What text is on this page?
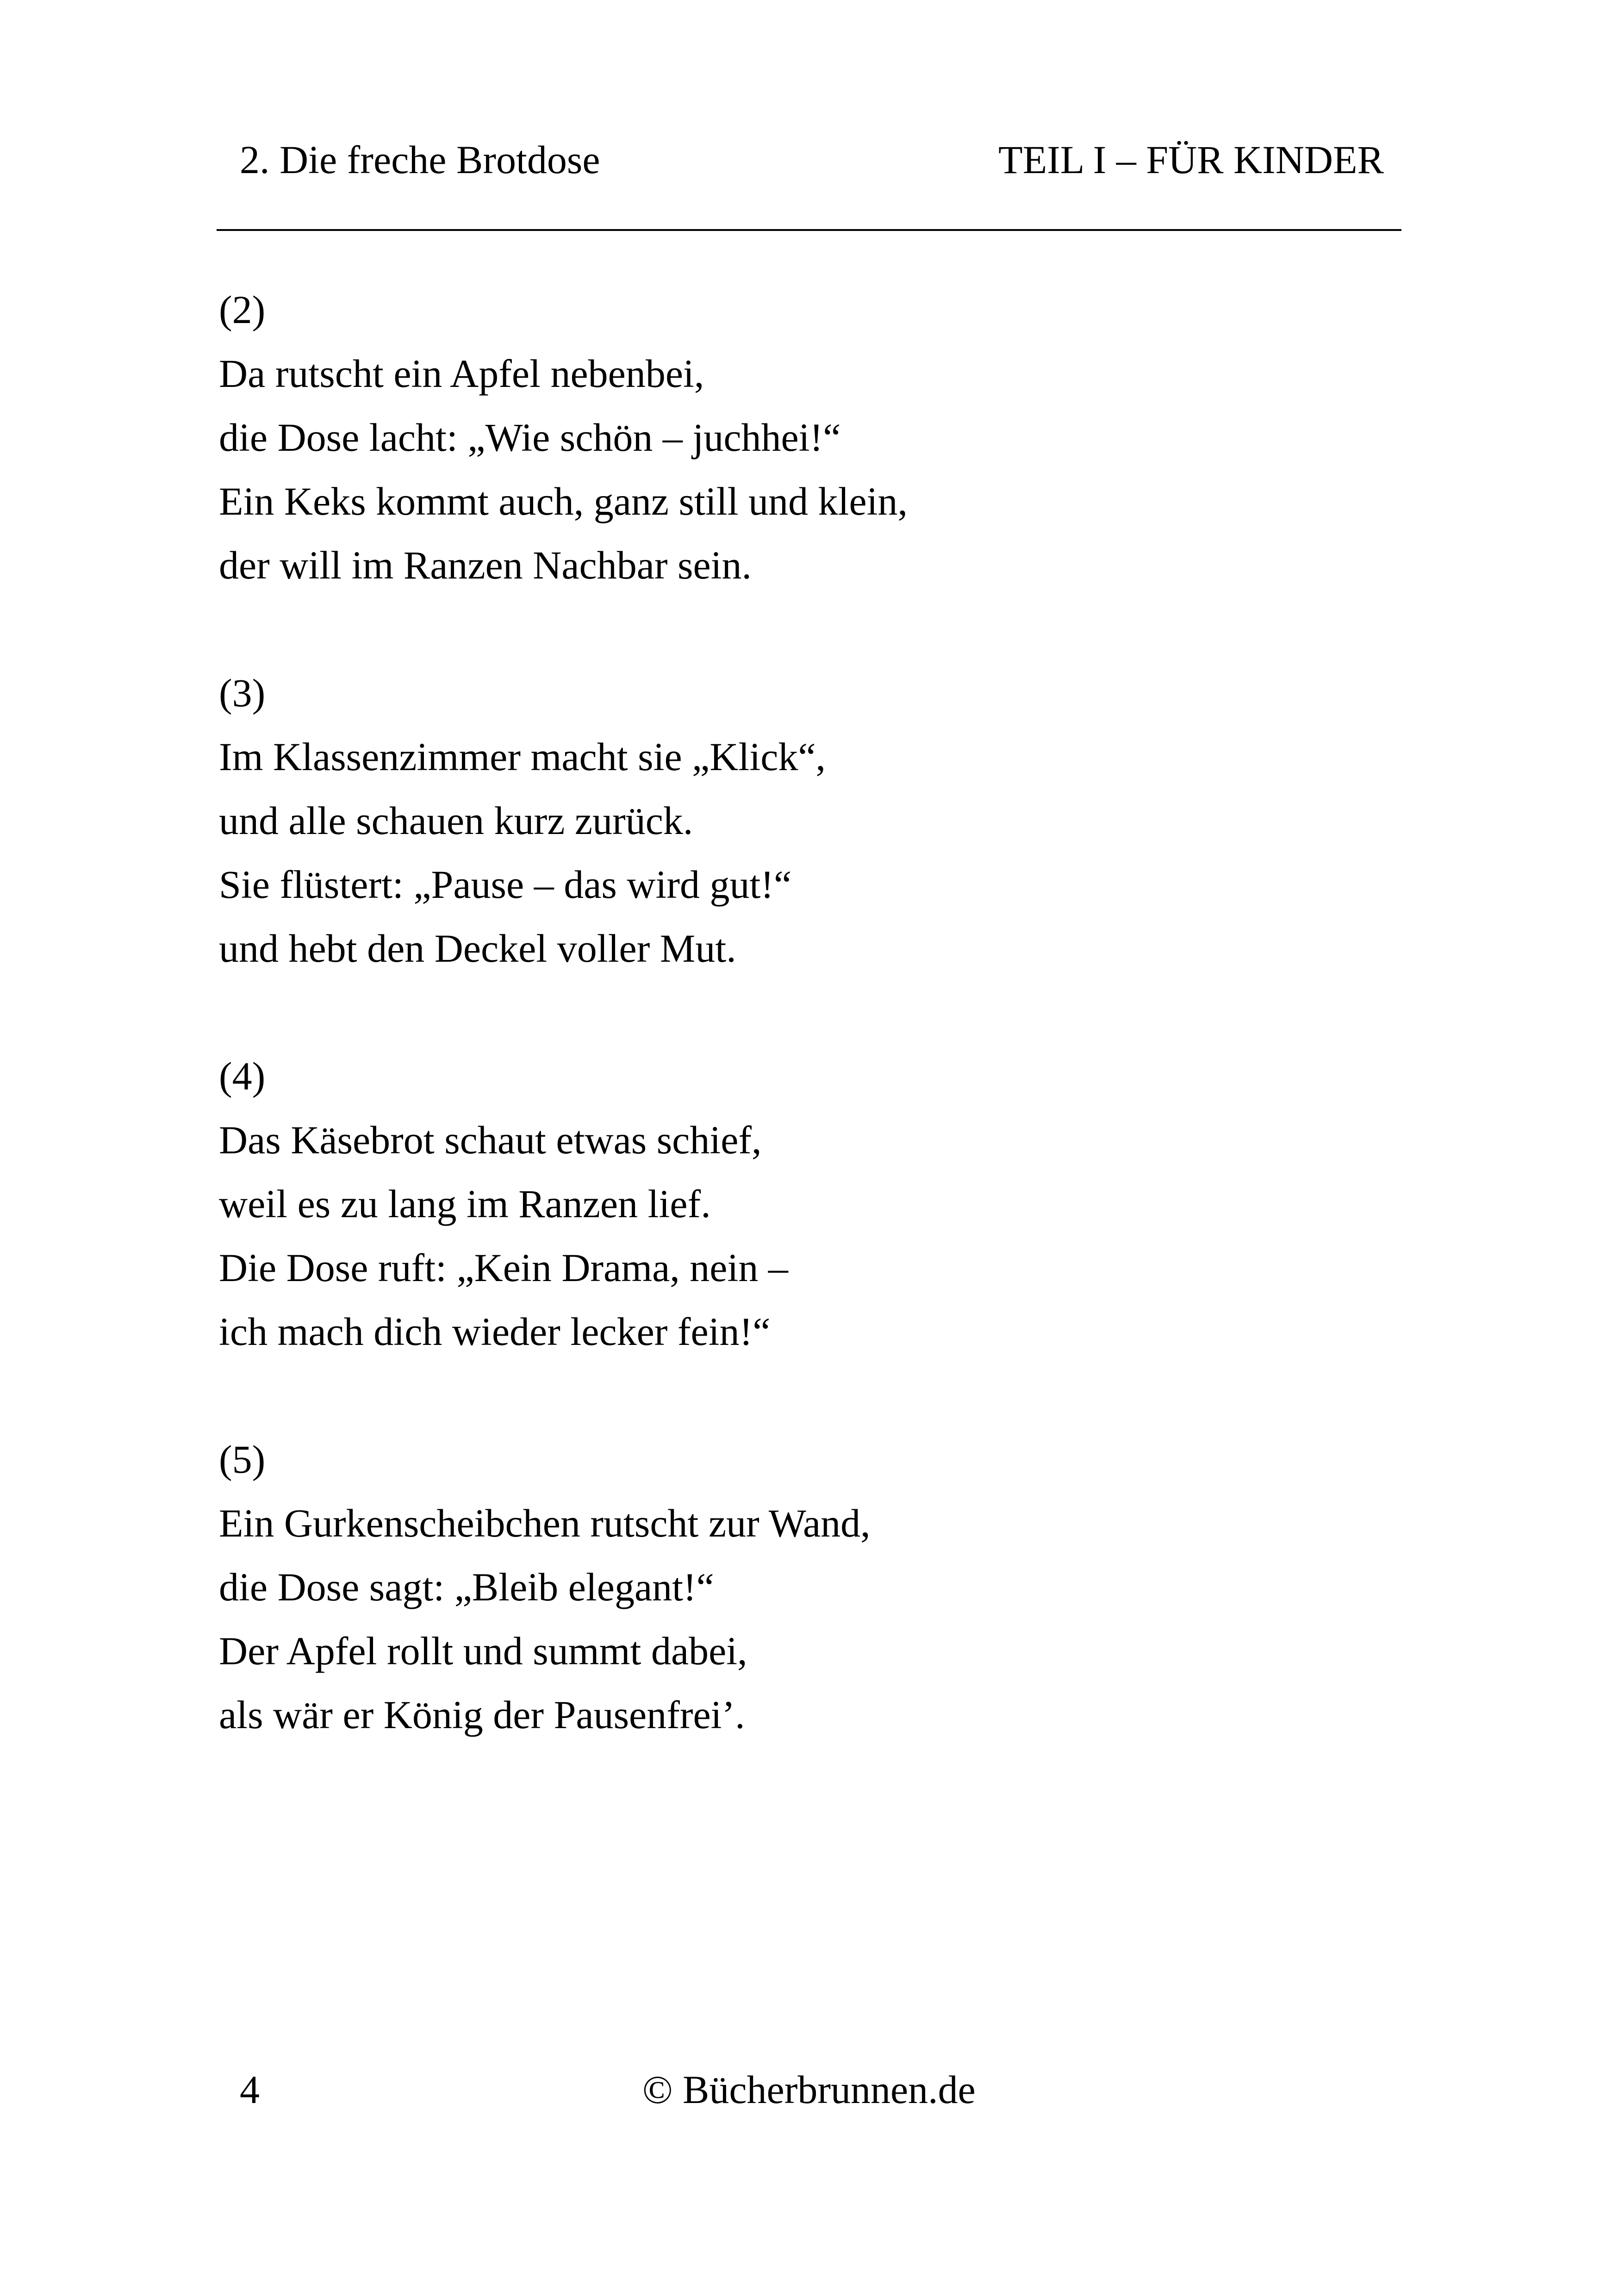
2. Die freche Brotdose	TEIL I – FÜR KINDER
(2)
Da rutscht ein Apfel nebenbei,
die Dose lacht: „Wie schön – juchhei!“
Ein Keks kommt auch, ganz still und klein,
der will im Ranzen Nachbar sein.
(3)
Im Klassenzimmer macht sie „Klick“,
und alle schauen kurz zurück.
Sie flüstert: „Pause – das wird gut!“
und hebt den Deckel voller Mut.
(4)
Das Käsebrot schaut etwas schief,
weil es zu lang im Ranzen lief.
Die Dose ruft: „Kein Drama, nein –
ich mach dich wieder lecker fein!“
(5)
Ein Gurkenscheibchen rutscht zur Wand,
die Dose sagt: „Bleib elegant!“
Der Apfel rollt und summt dabei,
als wär er König der Pausenfrei’.
© Bücherbrunnen.de
4
